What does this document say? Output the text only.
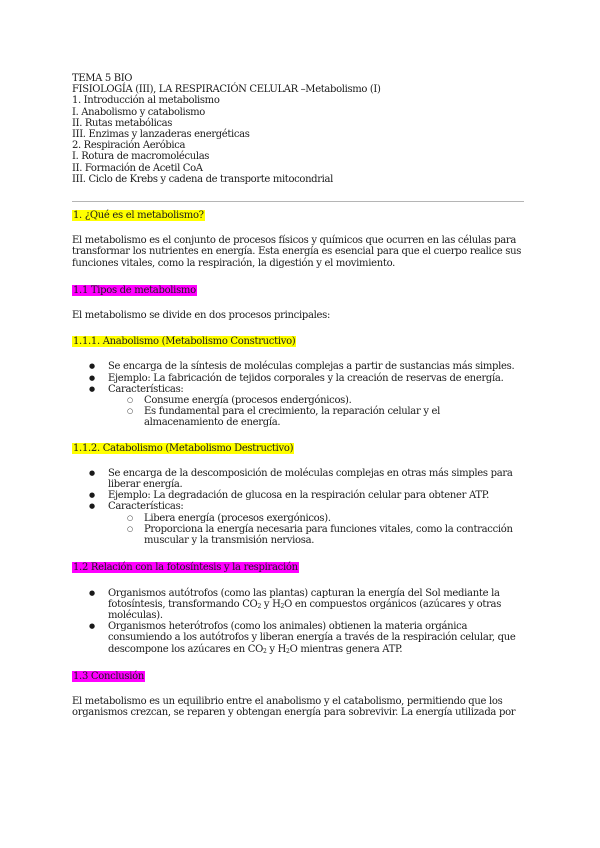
TEMA 5 BIO
FISIOLOGÍA (III), LA RESPIRACIÓN CELULAR –Metabolismo (I)
1. Introducción al metabolismo
I. Anabolismo y catabolismo
II. Rutas metabólicas
III. Enzimas y lanzaderas energéticas
2. Respiración Aeróbica
I. Rotura de macromoléculas
II. Formación de Acetil CoA
III. Ciclo de Krebs y cadena de transporte mitocondrial
1. ¿Qué es el metabolismo?

El metabolismo es el conjunto de procesos físicos y químicos que ocurren en las células para transformar los nutrientes en energía. Esta energía es esencial para que el cuerpo realice sus funciones vitales, como la respiración, la digestión y el movimiento.

1.1 Tipos de metabolismo

El metabolismo se divide en dos procesos principales:

1.1.1. Anabolismo (Metabolismo Constructivo)
● Se encarga de la síntesis de moléculas complejas a partir de sustancias más simples.
● Ejemplo: La fabricación de tejidos corporales y la creación de reservas de energía.
● Características:
○ Consume energía (procesos endergónicos).
○ Es fundamental para el crecimiento, la reparación celular y el almacenamiento de energía.
1.1.2. Catabolismo (Metabolismo Destructivo)
● Se encarga de la descomposición de moléculas complejas en otras más simples para liberar energía.
● Ejemplo: La degradación de glucosa en la respiración celular para obtener ATP.
● Características:
○ Libera energía (procesos exergónicos).
○ Proporciona la energía necesaria para funciones vitales, como la contracción muscular y la transmisión nerviosa.
1.2 Relación con la fotosíntesis y la respiración
● Organismos autótrofos (como las plantas) capturan la energía del Sol mediante la fotosíntesis, transformando $CO_2$ y $H_2O$ en compuestos orgánicos (azúcares y otras moléculas).
● Organismos heterótrofos (como los animales) obtienen la materia orgánica consumiendo a los autótrofos y liberan energía a través de la respiración celular, que descompone los azúcares en $CO_2$ y $H_2O$ mientras genera ATP.
1.3 Conclusión

El metabolismo es un equilibrio entre el anabolismo y el catabolismo, permitiendo que los organismos crezcan, se reparen y obtengan energía para sobrevivir. La energía utilizada por
